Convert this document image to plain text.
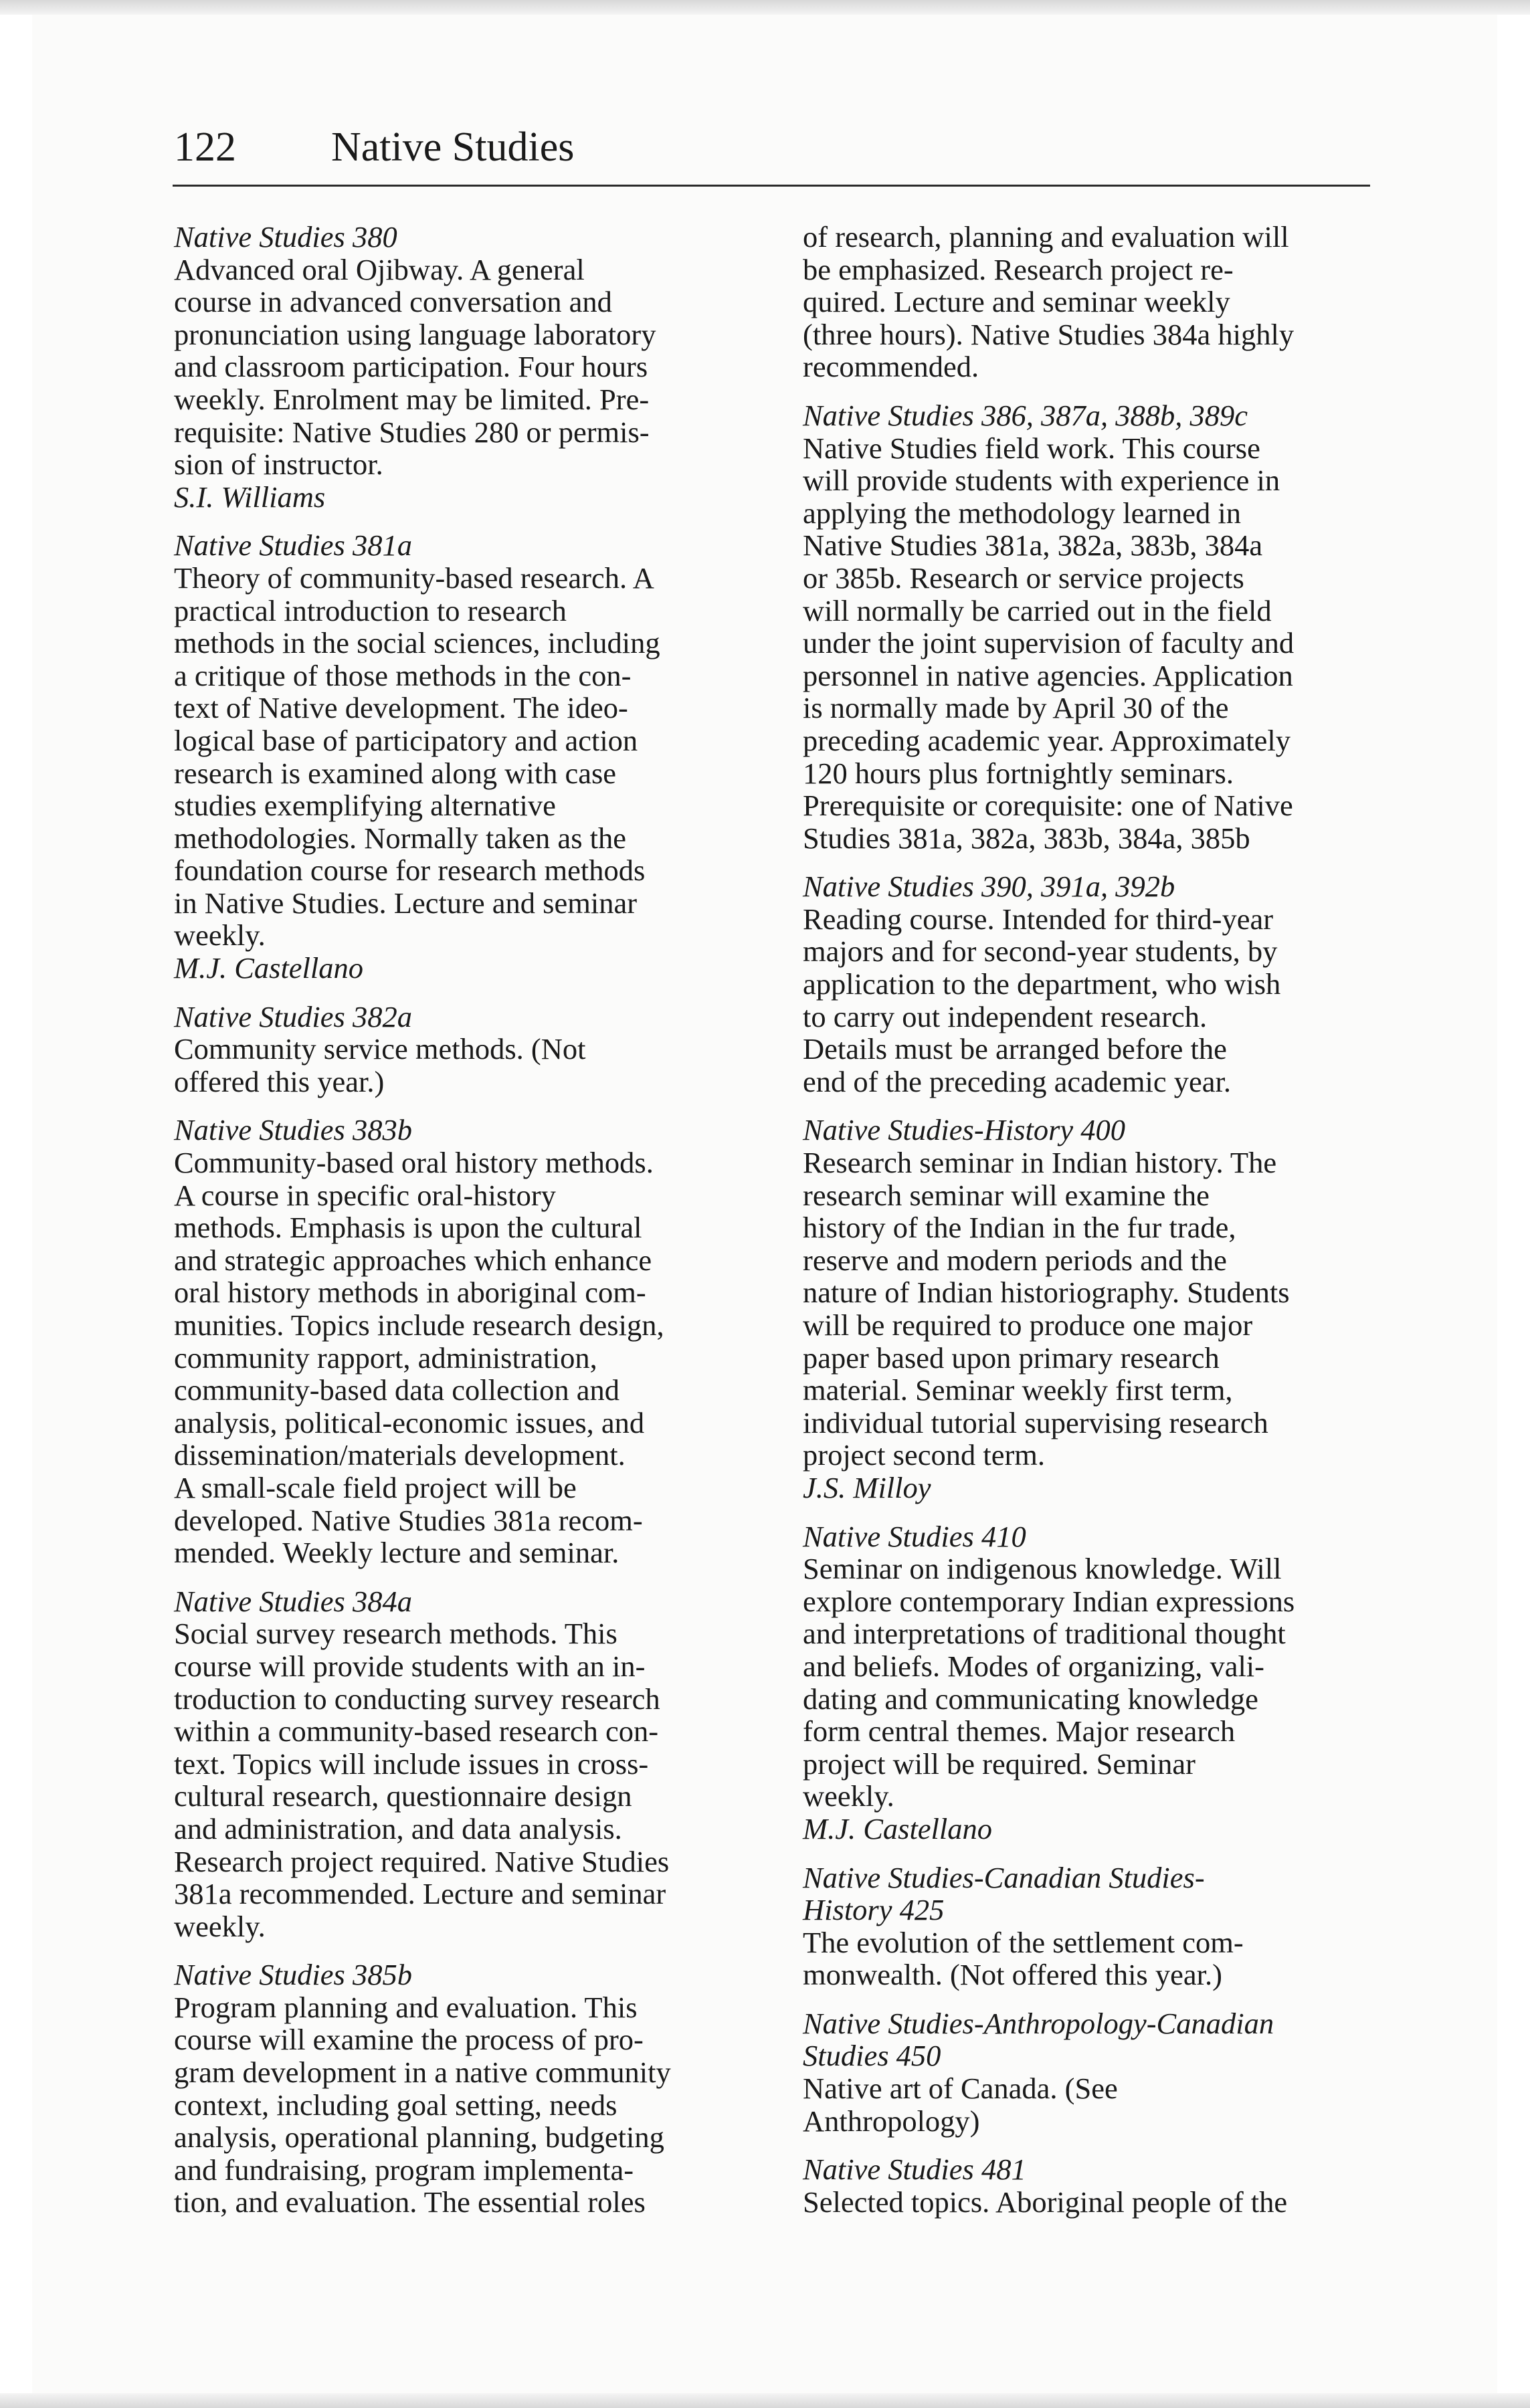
122 Native Studies
Native Studies 380
Advanced oral Ojibway. A general
course in advanced conversation and
pronunciation using language laboratory
and classroom participation. Four hours
weekly. Enrolment may be limited. Pre-
requisite: Native Studies 280 or permis-
sion of instructor.
S.I. Williams
Native Studies 381a
Theory of community-based research. A
practical introduction to research
methods in the social sciences, including
a critique of those methods in the con-
text of Native development. The ideo-
logical base of participatory and action
research is examined along with case
studies exemplifying alternative
methodologies. Normally taken as the
foundation course for research methods
in Native Studies. Lecture and seminar
weekly.
M.J. Castellano
Native Studies 382a
Community service methods. (Not
offered this year.)
Native Studies 383b
Community-based oral history methods.
A course in specific oral-history
methods. Emphasis is upon the cultural
and strategic approaches which enhance
oral history methods in aboriginal com-
munities. Topics include research design,
community rapport, administration,
community-based data collection and
analysis, political-economic issues, and
dissemination/materials development.
A small-scale field project will be
developed. Native Studies 381a recom-
mended. Weekly lecture and seminar.
Native Studies 384a
Social survey research methods. This
course will provide students with an in-
troduction to conducting survey research
within a community-based research con-
text. Topics will include issues in cross-
cultural research, questionnaire design
and administration, and data analysis.
Research project required. Native Studies
381a recommended. Lecture and seminar
weekly.
Native Studies 385b
Program planning and evaluation. This
course will examine the process of pro-
gram development in a native community
context, including goal setting, needs
analysis, operational planning, budgeting
and fundraising, program implementa-
tion, and evaluation. The essential roles
of research, planning and evaluation will
be emphasized. Research project re-
quired. Lecture and seminar weekly
(three hours). Native Studies 384a highly
recommended.
Native Studies 386, 387a, 388b, 389c
Native Studies field work. This course
will provide students with experience in
applying the methodology learned in
Native Studies 381a, 382a, 383b, 384a
or 385b. Research or service projects
will normally be carried out in the field
under the joint supervision of faculty and
personnel in native agencies. Application
is normally made by April 30 of the
preceding academic year. Approximately
120 hours plus fortnightly seminars.
Prerequisite or corequisite: one of Native
Studies 381a, 382a, 383b, 384a, 385b
Native Studies 390, 391a, 392b
Reading course. Intended for third-year
majors and for second-year students, by
application to the department, who wish
to carry out independent research.
Details must be arranged before the
end of the preceding academic year.
Native Studies-History 400
Research seminar in Indian history. The
research seminar will examine the
history of the Indian in the fur trade,
reserve and modern periods and the
nature of Indian historiography. Students
will be required to produce one major
paper based upon primary research
material. Seminar weekly first term,
individual tutorial supervising research
project second term.
J.S. Milloy
Native Studies 410
Seminar on indigenous knowledge. Will
explore contemporary Indian expressions
and interpretations of traditional thought
and beliefs. Modes of organizing, vali-
dating and communicating knowledge
form central themes. Major research
project will be required. Seminar
weekly.
M.J. Castellano
Native Studies-Canadian Studies-
History 425
The evolution of the settlement com-
monwealth. (Not offered this year.)
Native Studies-Anthropology-Canadian
Studies 450
Native art of Canada. (See
Anthropology)
Native Studies 481
Selected topics. Aboriginal people of the
